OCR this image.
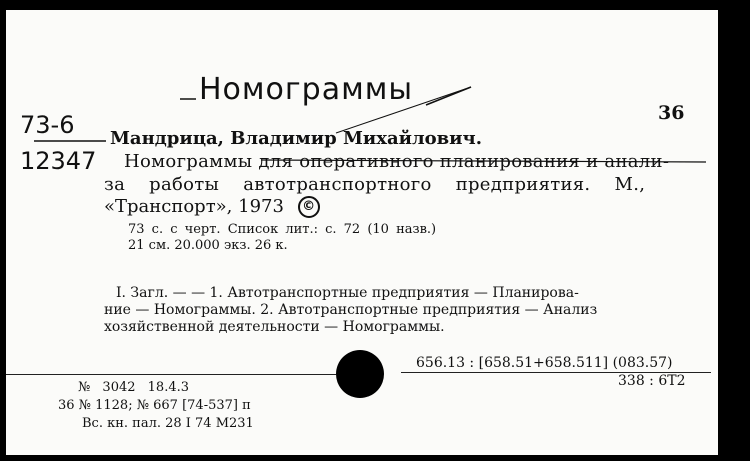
Номограммы
73-6
12347
36
Мандрица, Владимир Михайлович.
Номограммы для оперативного планирования и анали-
за работы автотранспортного предприятия. М.,
«Транспорт», 1973 ©
73 с. с черт. Список лит.: с. 72 (10 назв.)
21 см. 20.000 экз. 26 к.
I. Загл. — — 1. Автотранспортные предприятия — Планирова-
ние — Номограммы. 2. Автотранспортные предприятия — Анализ
хозяйственной деятельности — Номограммы.
656.13 : [658.51+658.511] (083.57)
338 : 6Т2
№ 3042 18.4.3
36 № 1128; № 667 [74-537] п
Вс. кн. пал. 28 I 74 М231
